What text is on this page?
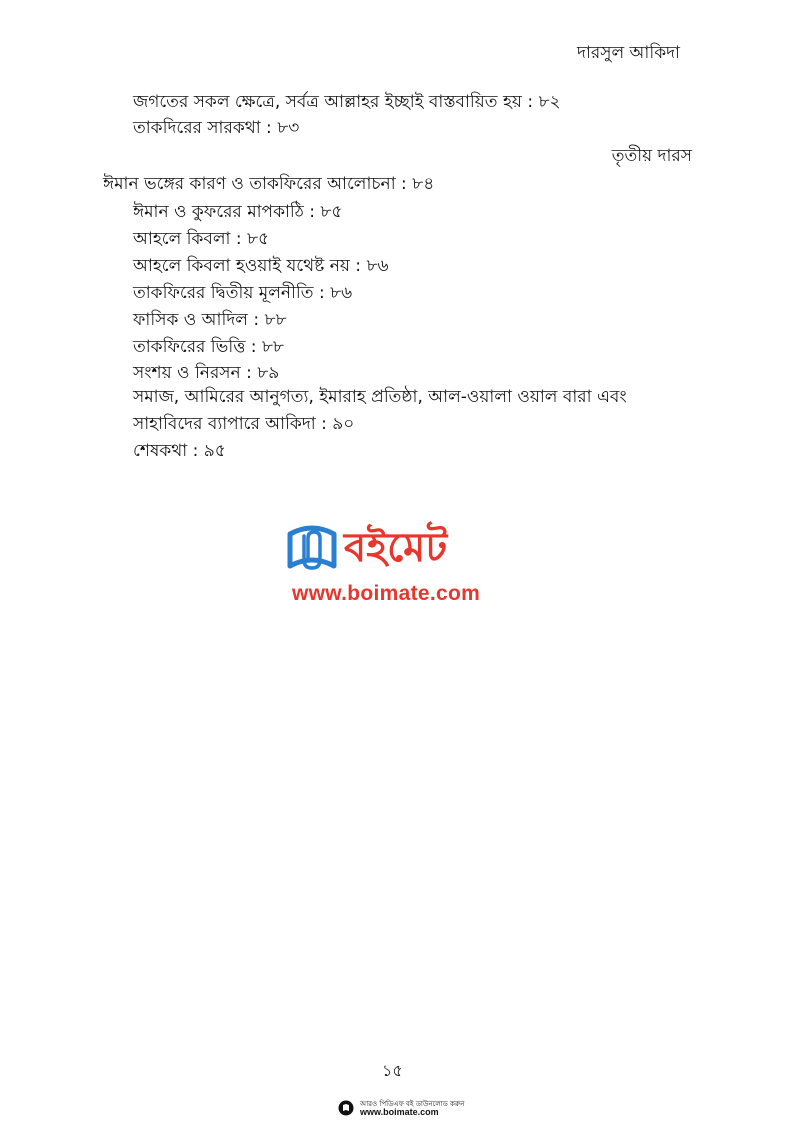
দারসুল আকিদা
জগতের সকল ক্ষেত্রে, সর্বত্র আল্লাহর ইচ্ছাই বাস্তবায়িত হয় : ৮২
তাকদিরের সারকথা : ৮৩
তৃতীয় দারস
ঈমান ভঙ্গের কারণ ও তাকফিরের আলোচনা : ৮৪
ঈমান ও কুফরের মাপকাঠি : ৮৫
আহলে কিবলা : ৮৫
আহলে কিবলা হওয়াই যথেষ্ট নয় : ৮৬
তাকফিরের দ্বিতীয় মূলনীতি : ৮৬
ফাসিক ও আদিল : ৮৮
তাকফিরের ভিত্তি : ৮৮
সংশয় ও নিরসন : ৮৯
সমাজ, আমিরের আনুগত্য, ইমারাহ প্রতিষ্ঠা, আল-ওয়ালা ওয়াল বারা এবং
সাহাবিদের ব্যাপারে আকিদা : ৯০
শেষকথা : ৯৫
বইমেট
www.boimate.com
১৫
আরও পিডিএফ বই ডাউনলোড করুন
www.boimate.com
